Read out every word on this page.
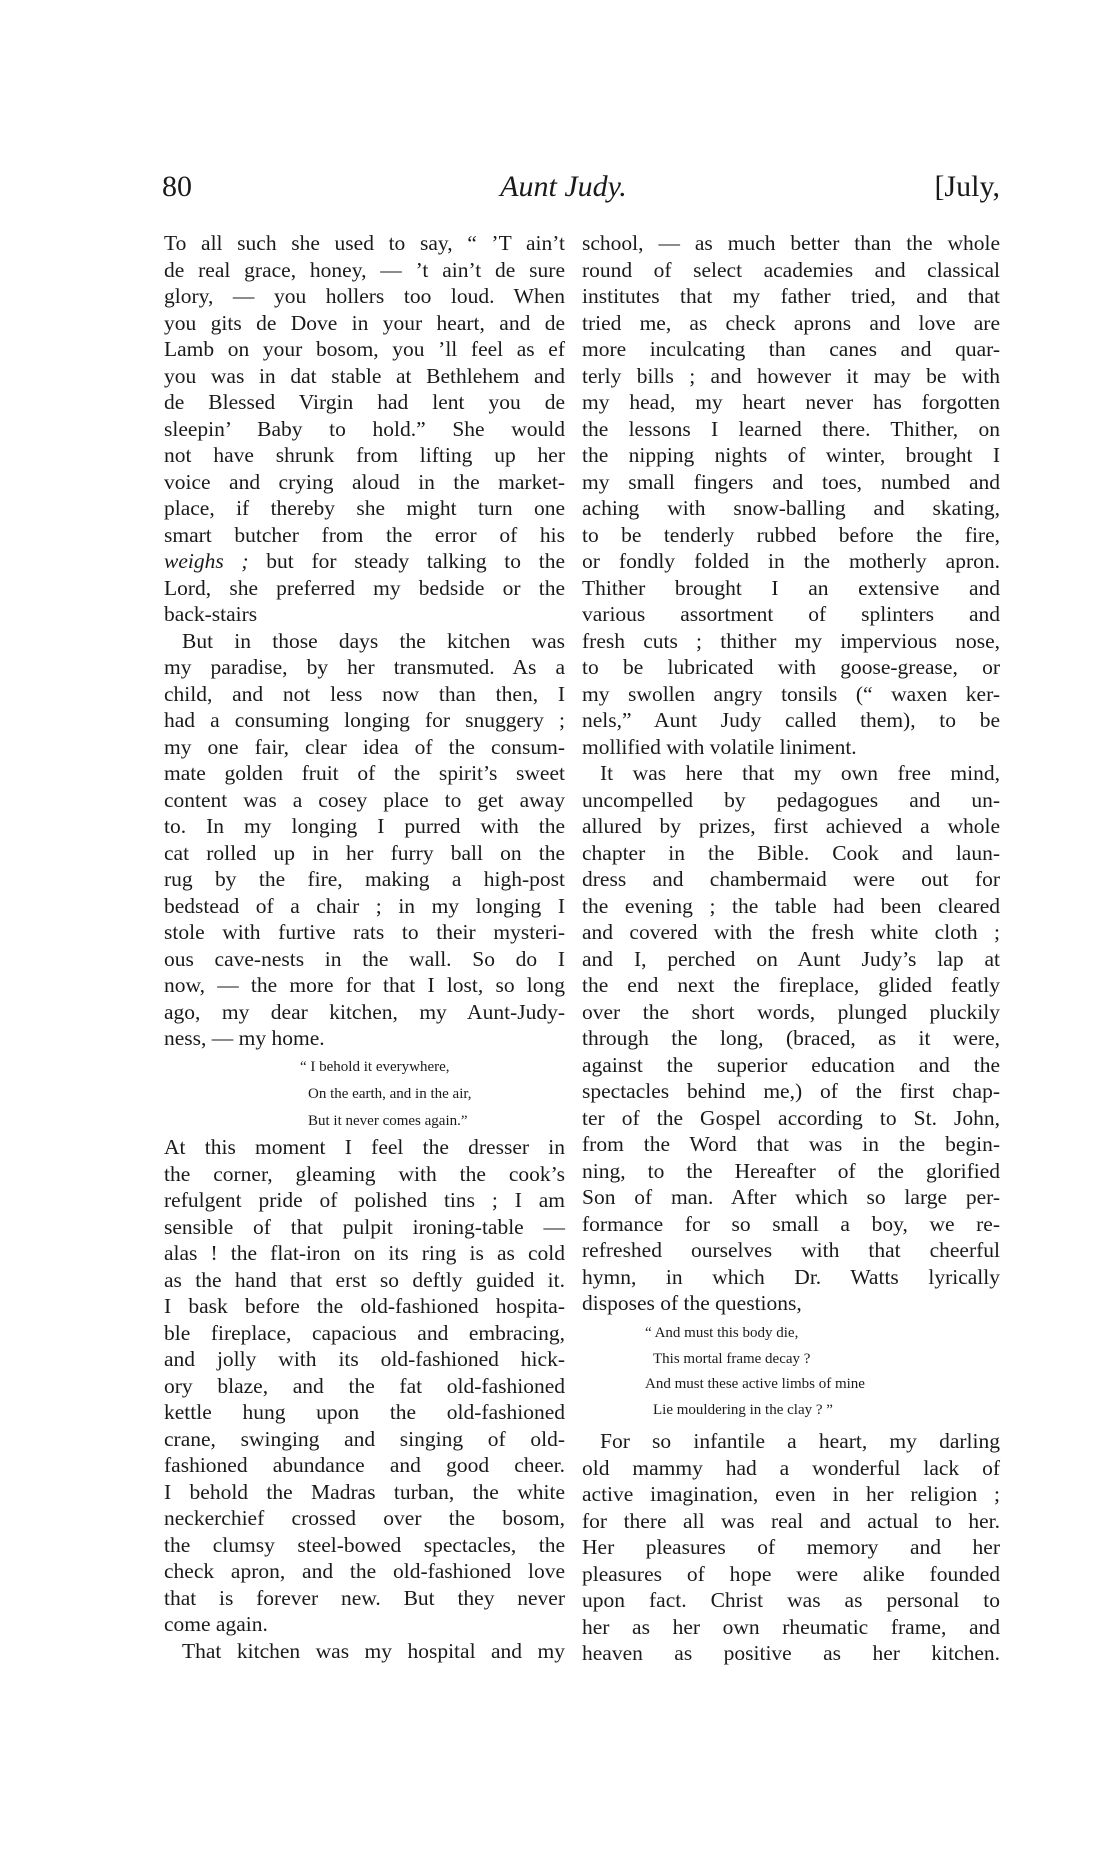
80	Aunt Judy.	[July,
To all such she used to say, “ ’T ain’t
de real grace, honey, — ’t ain’t de sure
glory, — you hollers too loud. When
you gits de Dove in your heart, and de
Lamb on your bosom, you ’ll feel as ef
you was in dat stable at Bethlehem and
de Blessed Virgin had lent you de
sleepin’ Baby to hold.” She would
not have shrunk from lifting up her
voice and crying aloud in the market-
place, if thereby she might turn one
smart butcher from the error of his
weighs ; but for steady talking to the
Lord, she preferred my bedside or the
back-stairs
But in those days the kitchen was
my paradise, by her transmuted. As a
child, and not less now than then, I
had a consuming longing for snuggery ;
my one fair, clear idea of the consum-
mate golden fruit of the spirit’s sweet
content was a cosey place to get away
to. In my longing I purred with the
cat rolled up in her furry ball on the
rug by the fire, making a high-post
bedstead of a chair ; in my longing I
stole with furtive rats to their mysteri-
ous cave-nests in the wall. So do I
now, — the more for that I lost, so long
ago, my dear kitchen, my Aunt-Judy-
ness, — my home.
“ I behold it everywhere,
On the earth, and in the air,
But it never comes again.”
At this moment I feel the dresser in
the corner, gleaming with the cook’s
refulgent pride of polished tins ; I am
sensible of that pulpit ironing-table —
alas ! the flat-iron on its ring is as cold
as the hand that erst so deftly guided it.
I bask before the old-fashioned hospita-
ble fireplace, capacious and embracing,
and jolly with its old-fashioned hick-
ory blaze, and the fat old-fashioned
kettle hung upon the old-fashioned
crane, swinging and singing of old-
fashioned abundance and good cheer.
I behold the Madras turban, the white
neckerchief crossed over the bosom,
the clumsy steel-bowed spectacles, the
check apron, and the old-fashioned love
that is forever new. But they never
come again.
That kitchen was my hospital and my
school, — as much better than the whole
round of select academies and classical
institutes that my father tried, and that
tried me, as check aprons and love are
more inculcating than canes and quar-
terly bills ; and however it may be with
my head, my heart never has forgotten
the lessons I learned there. Thither, on
the nipping nights of winter, brought I
my small fingers and toes, numbed and
aching with snow-balling and skating,
to be tenderly rubbed before the fire,
or fondly folded in the motherly apron.
Thither brought I an extensive and
various assortment of splinters and
fresh cuts ; thither my impervious nose,
to be lubricated with goose-grease, or
my swollen angry tonsils (“ waxen ker-
nels,” Aunt Judy called them), to be
mollified with volatile liniment.
It was here that my own free mind,
uncompelled by pedagogues and un-
allured by prizes, first achieved a whole
chapter in the Bible. Cook and laun-
dress and chambermaid were out for
the evening ; the table had been cleared
and covered with the fresh white cloth ;
and I, perched on Aunt Judy’s lap at
the end next the fireplace, glided featly
over the short words, plunged pluckily
through the long, (braced, as it were,
against the superior education and the
spectacles behind me,) of the first chap-
ter of the Gospel according to St. John,
from the Word that was in the begin-
ning, to the Hereafter of the glorified
Son of man. After which so large per-
formance for so small a boy, we re-
refreshed ourselves with that cheerful
hymn, in which Dr. Watts lyrically
disposes of the questions,
“ And must this body die,
This mortal frame decay ?
And must these active limbs of mine
Lie mouldering in the clay ? ”
For so infantile a heart, my darling
old mammy had a wonderful lack of
active imagination, even in her religion ;
for there all was real and actual to her.
Her pleasures of memory and her
pleasures of hope were alike founded
upon fact. Christ was as personal to
her as her own rheumatic frame, and
heaven as positive as her kitchen.
